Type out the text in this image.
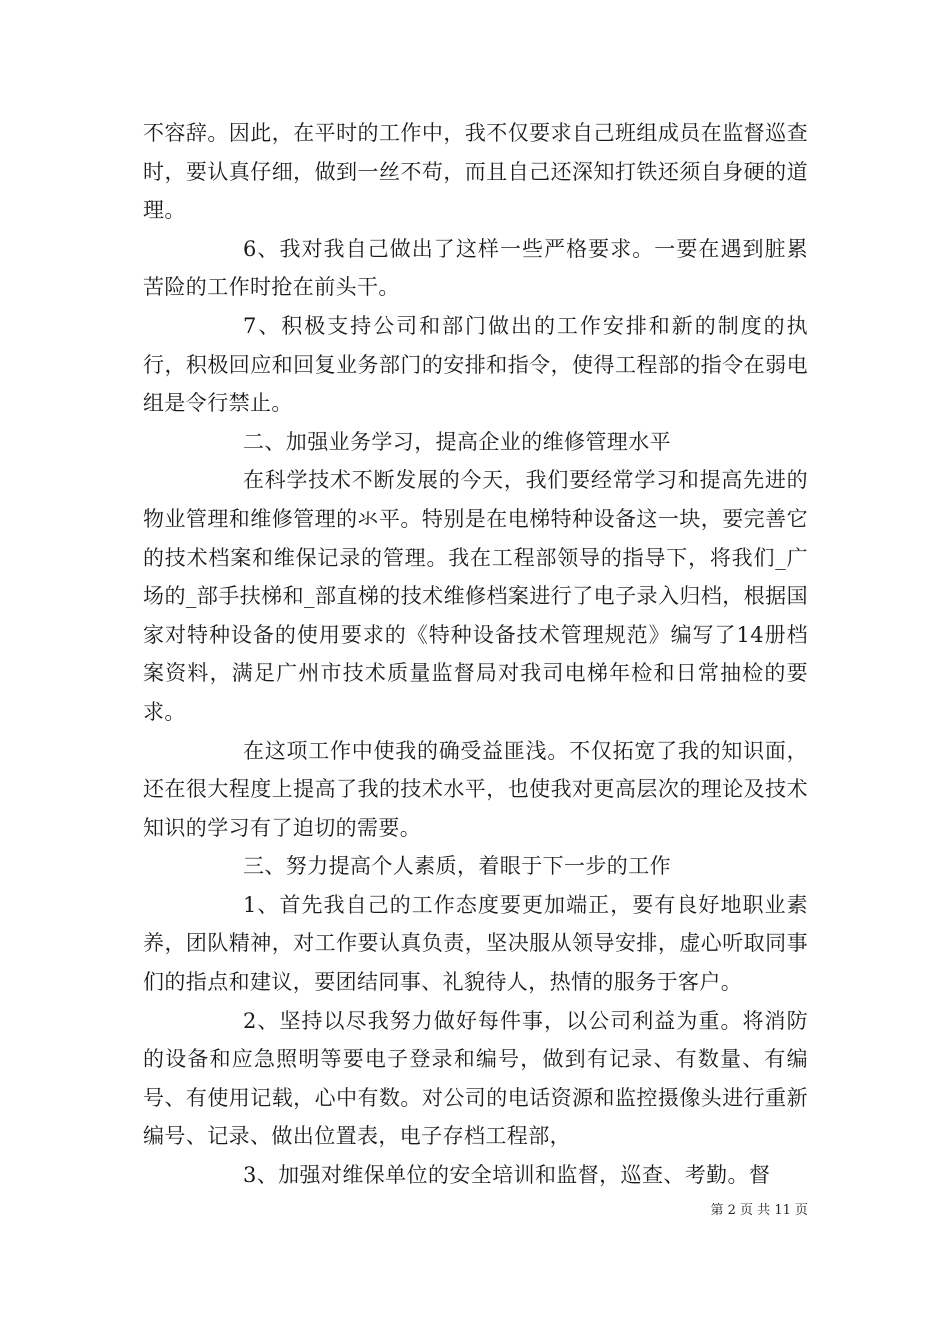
不容辞。因此，在平时的工作中，我不仅要求自己班组成员在监督巡查时，要认真仔细，做到一丝不苟，而且自己还深知打铁还须自身硬的道理。

6、我对我自己做出了这样一些严格要求。一要在遇到脏累苦险的工作时抢在前头干。

7、积极支持公司和部门做出的工作安排和新的制度的执行，积极回应和回复业务部门的安排和指令，使得工程部的指令在弱电组是令行禁止。

二、加强业务学习，提高企业的维修管理水平

在科学技术不断发展的今天，我们要经常学习和提高先进的物业管理和维修管理的氺平。特别是在电梯特种设备这一块，要完善它的技术档案和维保记录的管理。我在工程部领导的指导下，将我们_广场的_部手扶梯和_部直梯的技术维修档案进行了电子录入归档，根据国家对特种设备的使用要求的《特种设备技术管理规范》编写了14册档案资料，满足广州市技术质量监督局对我司电梯年检和日常抽检的要求。

在这项工作中使我的确受益匪浅。不仅拓宽了我的知识面，还在很大程度上提高了我的技术水平，也使我对更高层次的理论及技术知识的学习有了迫切的需要。

三、努力提高个人素质，着眼于下一步的工作

1、首先我自己的工作态度要更加端正，要有良好地职业素养，团队精神，对工作要认真负责，坚决服从领导安排，虚心听取同事们的指点和建议，要团结同事、礼貌待人，热情的服务于客户。

2、坚持以尽我努力做好每件事，以公司利益为重。将消防的设备和应急照明等要电子登录和编号，做到有记录、有数量、有编号、有使用记载，心中有数。对公司的电话资源和监控摄像头进行重新编号、记录、做出位置表，电子存档工程部，

3、加强对维保单位的安全培训和监督，巡查、考勤。督

第 2 页 共 11 页
